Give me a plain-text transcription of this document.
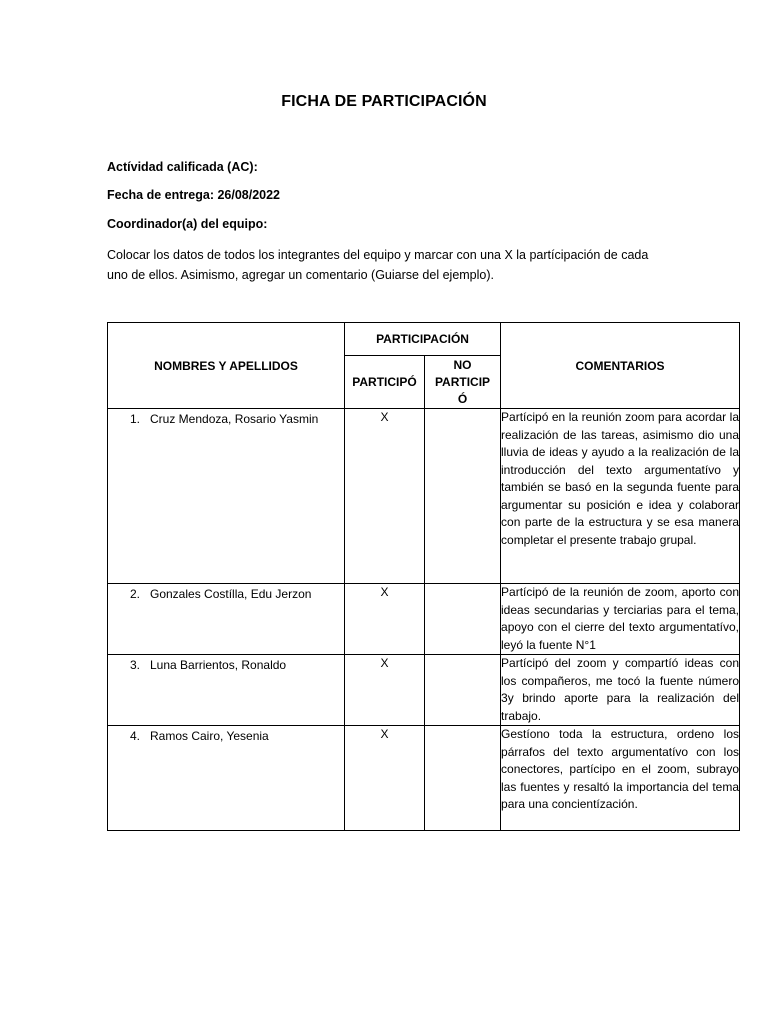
FICHA DE PARTICIPACIÓN
Actívidad calificada (AC):
Fecha de entrega: 26/08/2022
Coordinador(a) del equipo:
Colocar los datos de todos los integrantes del equipo y marcar con una X la partícipación de cada uno de ellos. Asimismo, agregar un comentario (Guiarse del ejemplo).
NOMBRES Y APELLIDOS	PARTICIPACIÓN		COMENTARIOS
	PARTICIPÓ	NO
PARTICIP
Ó	

1. Cruz Mendoza, Rosario Yasmin	X		Partícipó en la reunión zoom para acordar la realización de las tareas, asimismo dio una lluvia de ideas y ayudo a la realización de la introducción del texto argumentatívo y también se basó en la segunda fuente para argumentar su posición e idea y colaborar con parte de la estructura y se esa manera completar el presente trabajo grupal.

2. Gonzales Costílla, Edu Jerzon	X		Partícipó de la reunión de zoom, aporto con ideas secundarias y terciarias para el tema, apoyo con el cierre del texto argumentatívo, leyó la fuente N°1

3. Luna Barrientos, Ronaldo	X		Partícipó del zoom y compartíó ideas con los compañeros, me tocó la fuente número 3y brindo aporte para la realización del trabajo.

4. Ramos Cairo, Yesenia	X		Gestíono toda la estructura, ordeno los párrafos del texto argumentatívo con los conectores, partícipo en el zoom, subrayo las fuentes y resaltó la importancia del tema para una concientízación.
